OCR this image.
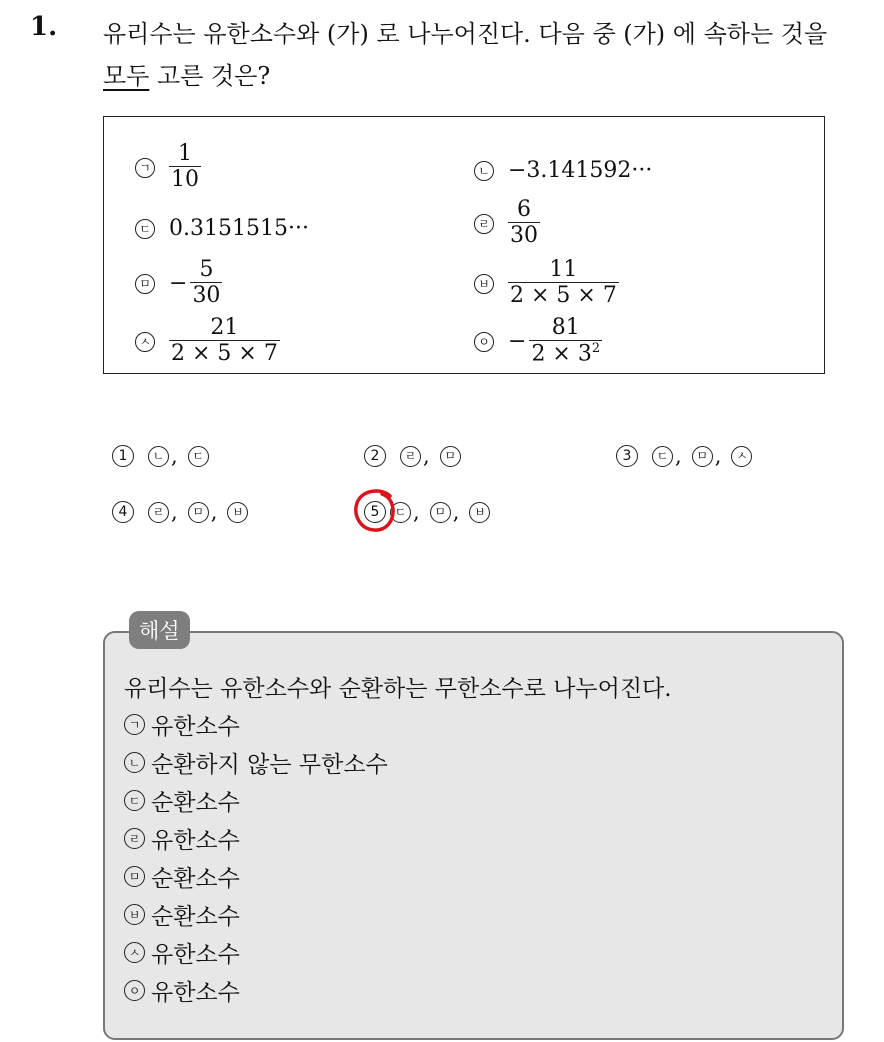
1. 유리수는 유한소수와 (가) 로 나누어진다. 다음 중 (가) 에 속하는 것을
모두 고른 것은?
ㄱ $\frac{1}{10}$	ㄴ −3.141592···
ㄷ 0.3151515···	ㄹ $\frac{6}{30}$
ㅁ − $\frac{5}{30}$	ㅂ $\frac{11}{2 \times 5 \times 7}$
ㅅ $\frac{21}{2 \times 5 \times 7}$	ㅇ − $\frac{81}{2 \times 3^2}$
1	ㄴ ,	ㄷ	2	ㄹ ,	ㅁ	3	ㄷ ,	ㅁ ,	ㅅ
4	ㄹ ,	ㅁ ,	ㅂ	5	ㄷ ,	ㅁ ,	ㅂ
해설
유리수는 유한소수와 순환하는 무한소수로 나누어진다.
ㄱ 유한소수
ㄴ 순환하지 않는 무한소수
ㄷ 순환소수
ㄹ 유한소수
ㅁ 순환소수
ㅂ 순환소수
ㅅ 유한소수
ㅇ 유한소수
